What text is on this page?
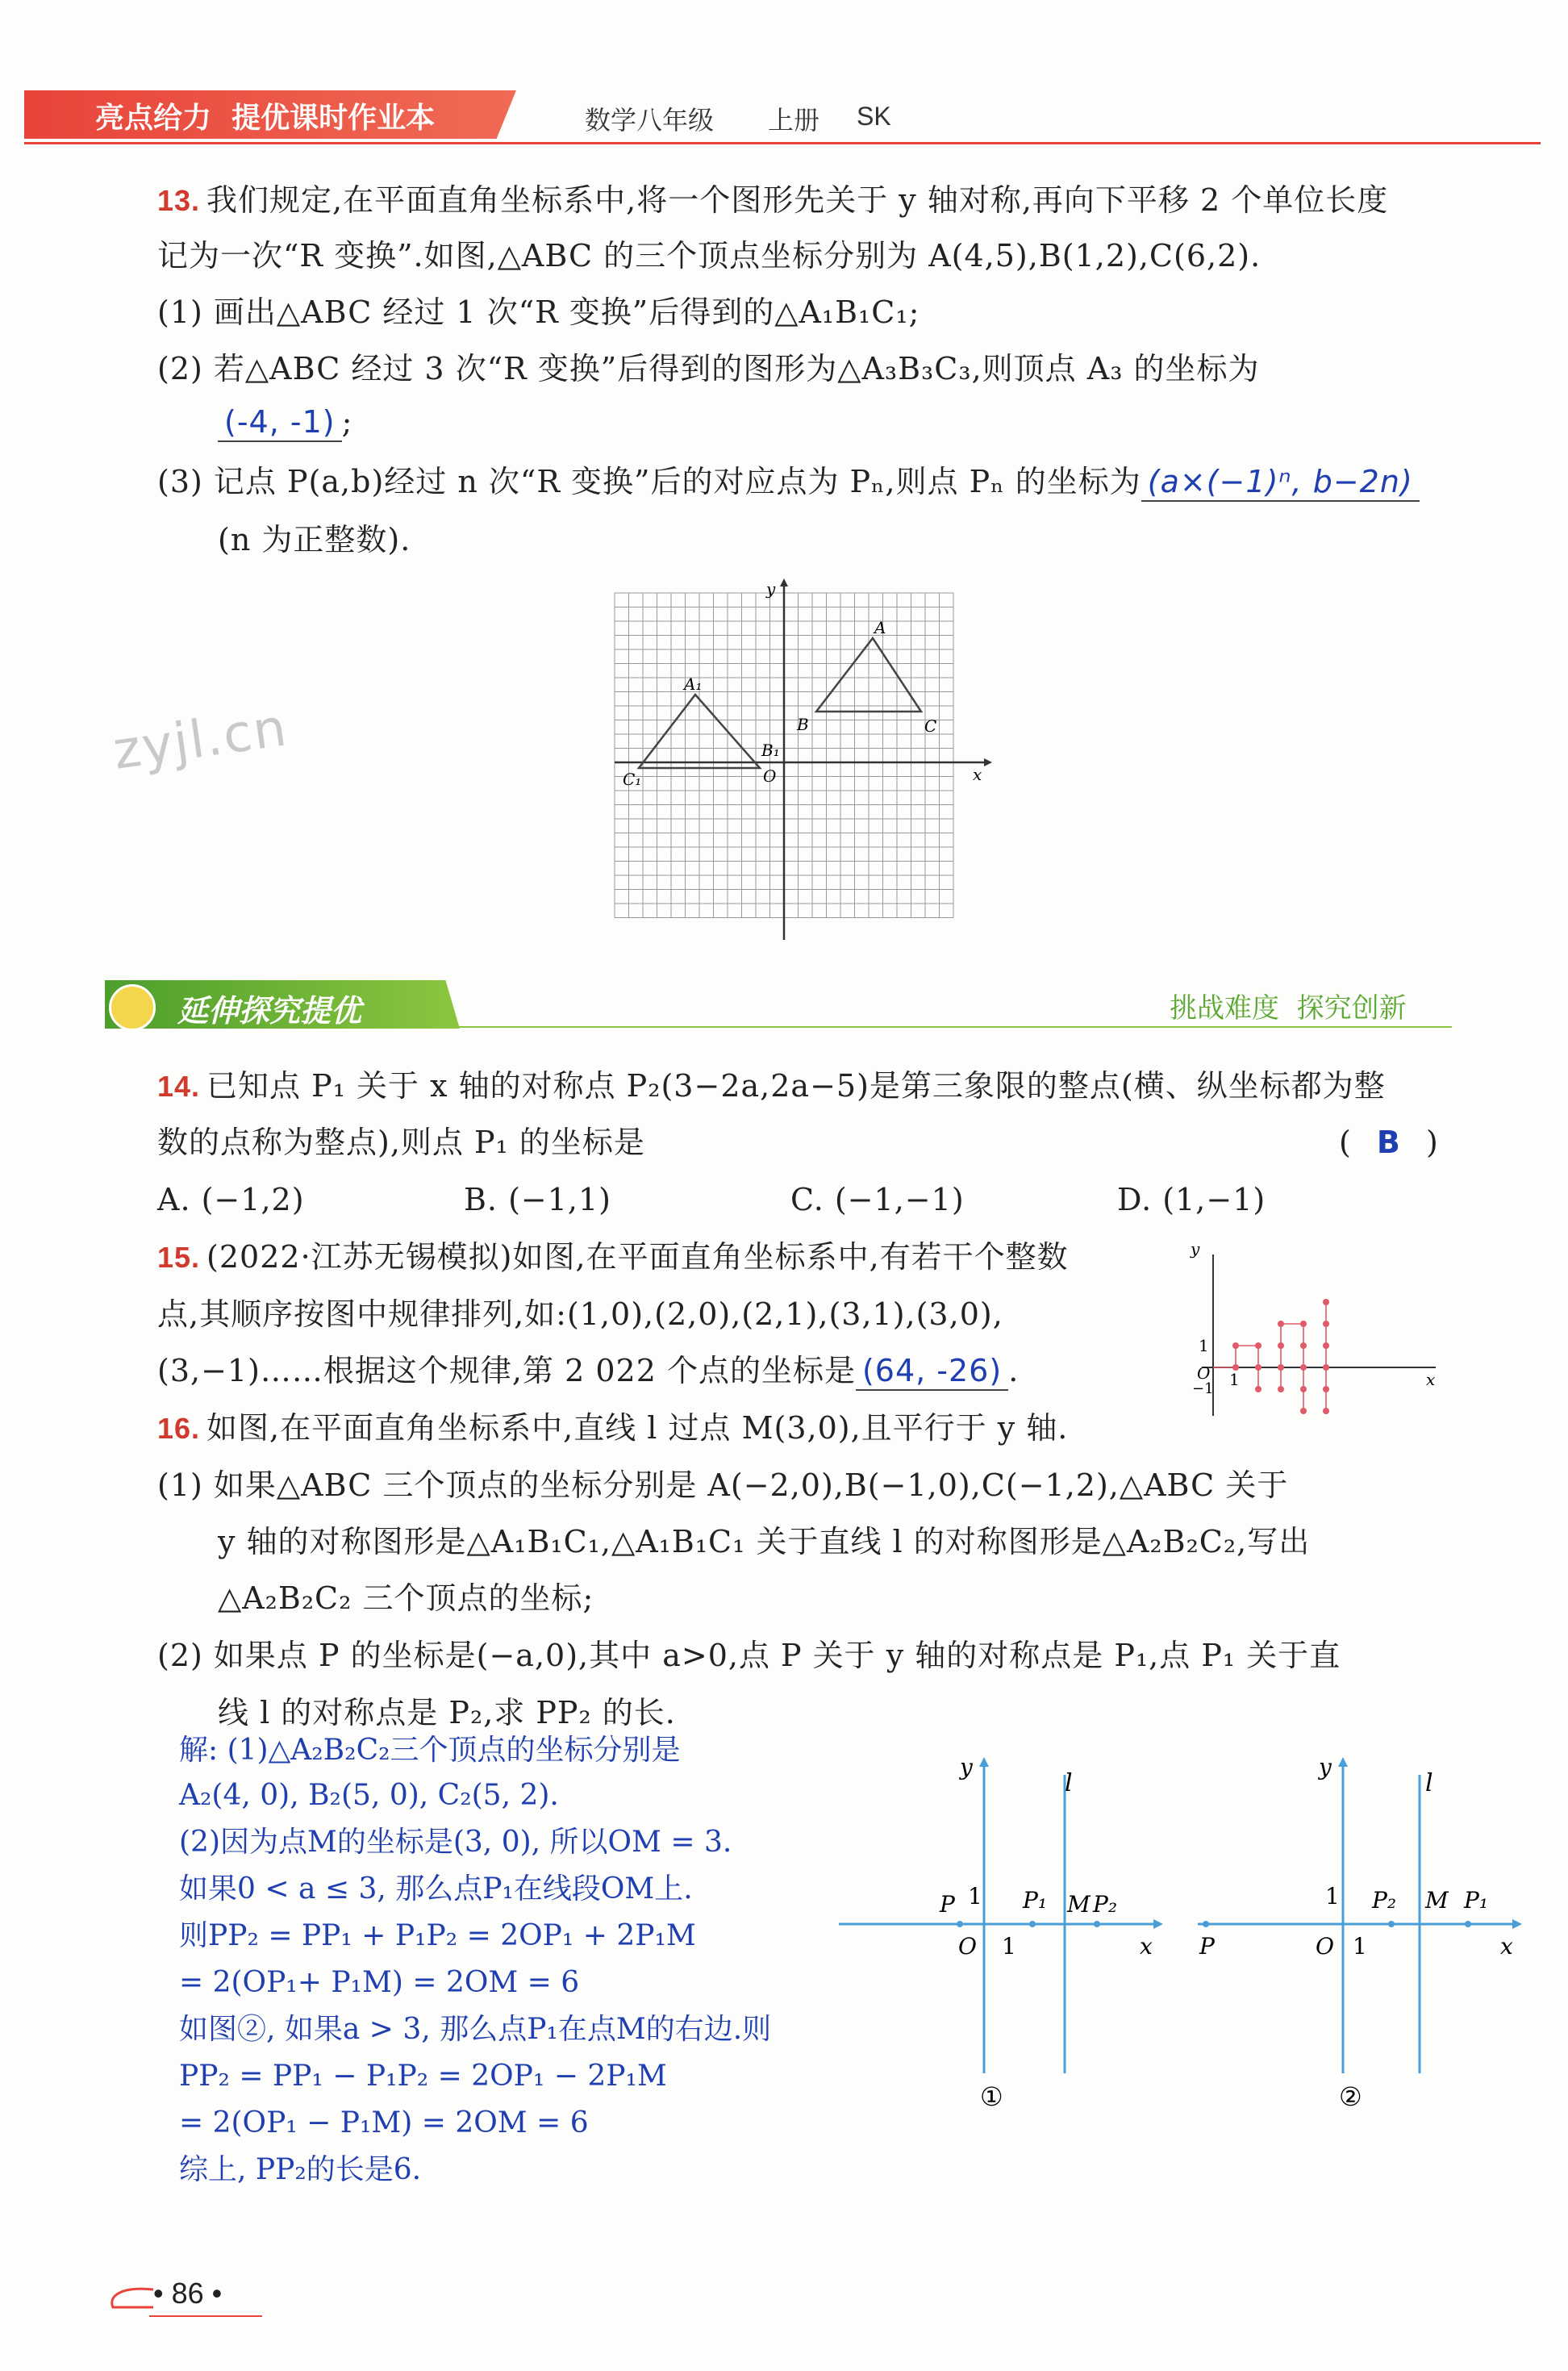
亮点给力  提优课时作业本	数学八年级 上册 SK
13. 我们规定,在平面直角坐标系中,将一个图形先关于 y 轴对称,再向下平移 2 个单位长度
记为一次“R 变换”.如图,△ABC 的三个顶点坐标分别为 A(4,5),B(1,2),C(6,2).
(1) 画出△ABC 经过 1 次“R 变换”后得到的△A₁B₁C₁;
(2) 若△ABC 经过 3 次“R 变换”后得到的图形为△A₃B₃C₃,则顶点 A₃ 的坐标为
(-4, -1) ;
(3) 记点 P(a,b)经过 n 次“R 变换”后的对应点为 Pₙ,则点 Pₙ 的坐标为 (a×(−1)ⁿ, b−2n)
(n 为正整数).
y
x
A
B	C
A₁
B₁
C₁	O
zyjl.cn
延伸探究提优	挑战难度  探究创新
14. 已知点 P₁ 关于 x 轴的对称点 P₂(3−2a,2a−5)是第三象限的整点(横、纵坐标都为整
数的点称为整点),则点 P₁ 的坐标是	( B )
A. (−1,2)	B. (−1,1)	C. (−1,−1)	D. (1,−1)
15. (2022·江苏无锡模拟)如图,在平面直角坐标系中,有若干个整数
点,其顺序按图中规律排列,如:(1,0),(2,0),(2,1),(3,1),(3,0),
(3,−1)……根据这个规律,第 2 022 个点的坐标是 (64, -26) .
y
x
1
O 1
−1
16. 如图,在平面直角坐标系中,直线 l 过点 M(3,0),且平行于 y 轴.
(1) 如果△ABC 三个顶点的坐标分别是 A(−2,0),B(−1,0),C(−1,2),△ABC 关于
y 轴的对称图形是△A₁B₁C₁,△A₁B₁C₁ 关于直线 l 的对称图形是△A₂B₂C₂,写出
△A₂B₂C₂ 三个顶点的坐标;
(2) 如果点 P 的坐标是(−a,0),其中 a>0,点 P 关于 y 轴的对称点是 P₁,点 P₁ 关于直
线 l 的对称点是 P₂,求 PP₂ 的长.
解: (1)△A₂B₂C₂三个顶点的坐标分别是
A₂(4, 0), B₂(5, 0), C₂(5, 2).
(2)因为点M的坐标是(3, 0), 所以OM = 3.
如果0 < a ≤ 3, 那么点P₁在线段OM上.
则PP₂ = PP₁ + P₁P₂ = 2OP₁ + 2P₁M
= 2(OP₁+ P₁M) = 2OM = 6
如图②, 如果a > 3, 那么点P₁在点M的右边.则
PP₂ = PP₁ − P₁P₂ = 2OP₁ − 2P₁M
= 2(OP₁ − P₁M) = 2OM = 6
综上, PP₂的长是6.
y
l
P 1 P₁ M P₂
O 1	x
①
y
l
1 P₂ M P₁
P	O 1	x
②
• 86 •
